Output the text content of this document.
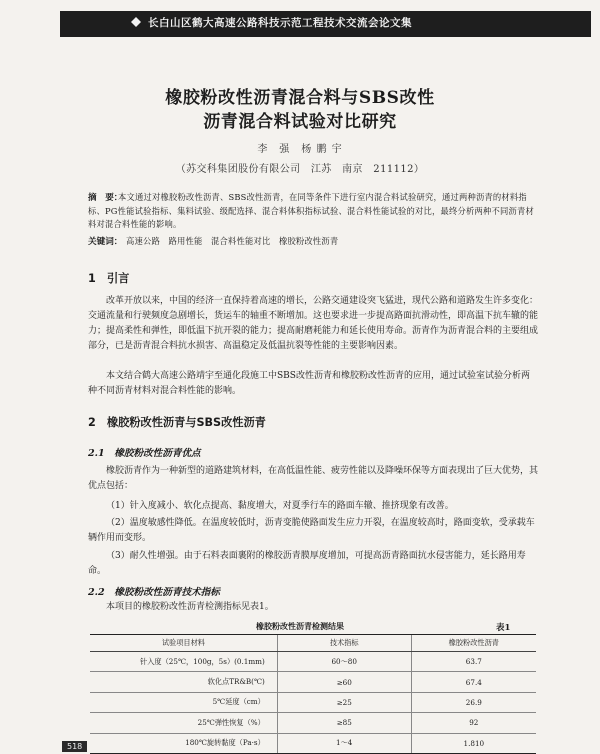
长白山区鹤大高速公路科技示范工程技术交流会论文集
橡胶粉改性沥青混合料与SBS改性
沥青混合料试验对比研究
李　强　杨 鹏 宇
（苏交科集团股份有限公司　江苏　南京　211112）
摘　要：
本文通过对橡胶粉改性沥青、SBS改性沥青，在同等条件下进行室内混合料试验研究，通过两种沥青的材料指标、PG性能试验指标、集料试验、级配选择、混合料体积指标试验、混合料性能试验的对比，最终分析两种不同沥青材料对混合料性能的影响。
关键词： 高速公路　路用性能　混合料性能对比　橡胶粉改性沥青
1　引言
改革开放以来，中国的经济一直保持着高速的增长，公路交通建设突飞猛进，现代公路和道路发生许多变化：交通流量和行驶频度急剧增长，货运车的轴重不断增加。这也要求进一步提高路面抗滑动性，即高温下抗车辙的能力；提高柔性和弹性，即低温下抗开裂的能力；提高耐磨耗能力和延长使用寿命。沥青作为沥青混合料的主要组成部分，已是沥青混合料抗水损害、高温稳定及低温抗裂等性能的主要影响因素。
本文结合鹤大高速公路靖宇至通化段施工中SBS改性沥青和橡胶粉改性沥青的应用，通过试验室试验分析两种不同沥青材料对混合料性能的影响。
2　橡胶粉改性沥青与SBS改性沥青
2.1　橡胶粉改性沥青优点
橡胶沥青作为一种新型的道路建筑材料，在高低温性能、疲劳性能以及降噪环保等方面表现出了巨大优势，其优点包括：
（1）针入度减小、软化点提高、黏度增大，对夏季行车的路面车辙、推挤现象有改善。
（2）温度敏感性降低。在温度较低时，沥青变脆使路面发生应力开裂，在温度较高时，路面变软，受承载车辆作用而变形。
（3）耐久性增强。由于石料表面裹附的橡胶沥青膜厚度增加，可提高沥青路面抗水侵害能力，延长路用寿命。
2.2　橡胶粉改性沥青技术指标
本项目的橡胶粉改性沥青检测指标见表1。
橡胶粉改性沥青检测结果	表1
试验项目材料	技术指标	橡胶粉改性沥青
针入度（25℃，100g，5s）(0.1mm)	60～80	63.7
软化点TR&B(℃)	≥60	67.4
5℃延度（cm）	≥25	26.9
25℃弹性恢复（%）	≥85	92
180℃旋转黏度（Pa·s）	1～4	1.810
518
